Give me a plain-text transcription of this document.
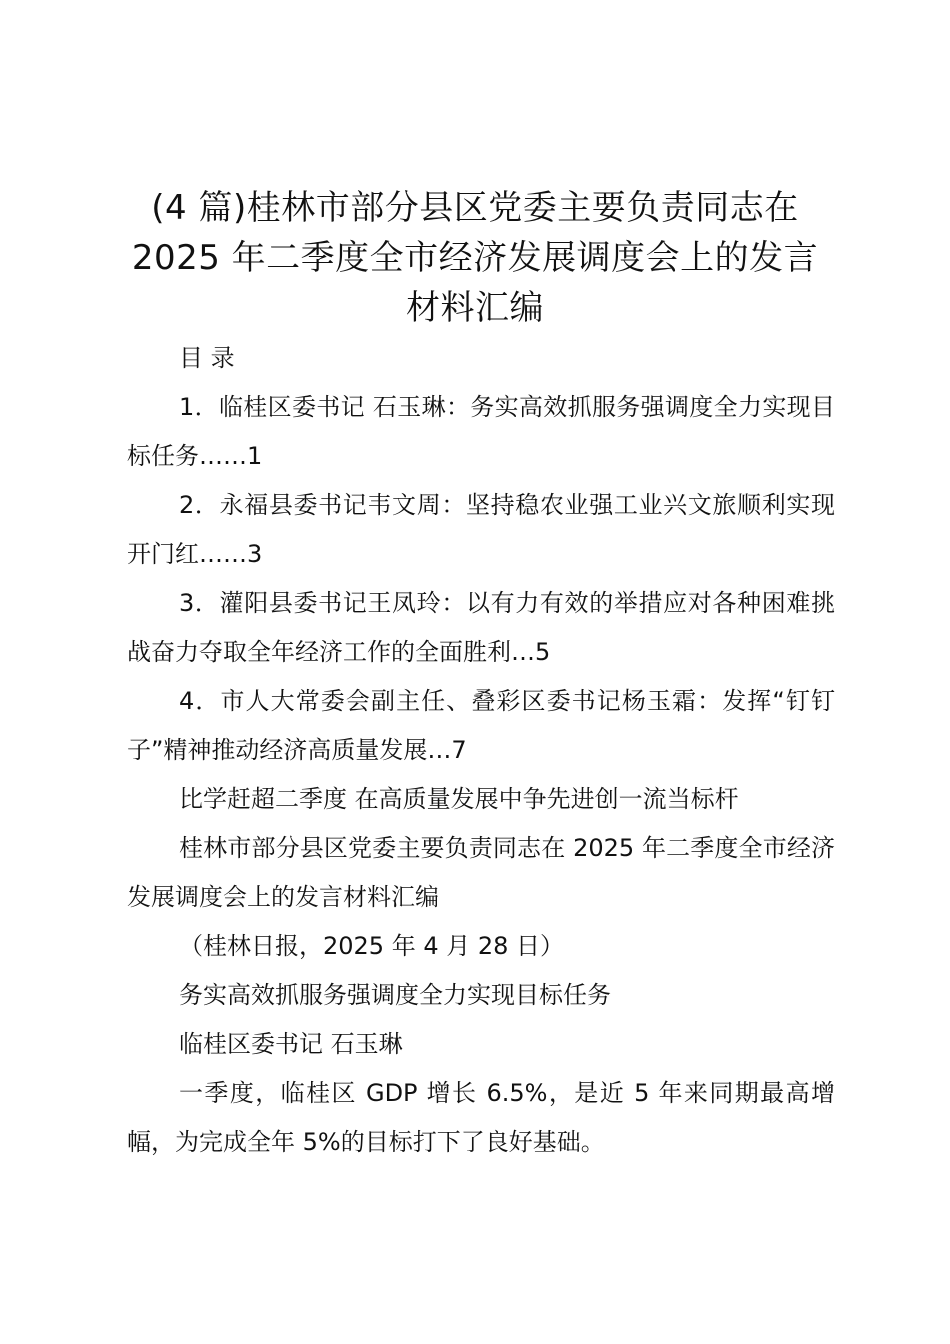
(4 篇)桂林市部分县区党委主要负责同志在
2025 年二季度全市经济发展调度会上的发言
材料汇编

目 录

1．临桂区委书记 石玉琳：务实高效抓服务强调度全力实现目标任务……1

2．永福县委书记韦文周：坚持稳农业强工业兴文旅顺利实现开门红……3

3．灌阳县委书记王凤玲：以有力有效的举措应对各种困难挑战奋力夺取全年经济工作的全面胜利…5

4．市人大常委会副主任、叠彩区委书记杨玉霜：发挥“钉钉子”精神推动经济高质量发展…7

比学赶超二季度 在高质量发展中争先进创一流当标杆

桂林市部分县区党委主要负责同志在 2025 年二季度全市经济发展调度会上的发言材料汇编

（桂林日报，2025 年 4 月 28 日）

务实高效抓服务强调度全力实现目标任务

临桂区委书记 石玉琳

一季度，临桂区 GDP 增长 6.5%，是近 5 年来同期最高增幅，为完成全年 5%的目标打下了良好基础。
